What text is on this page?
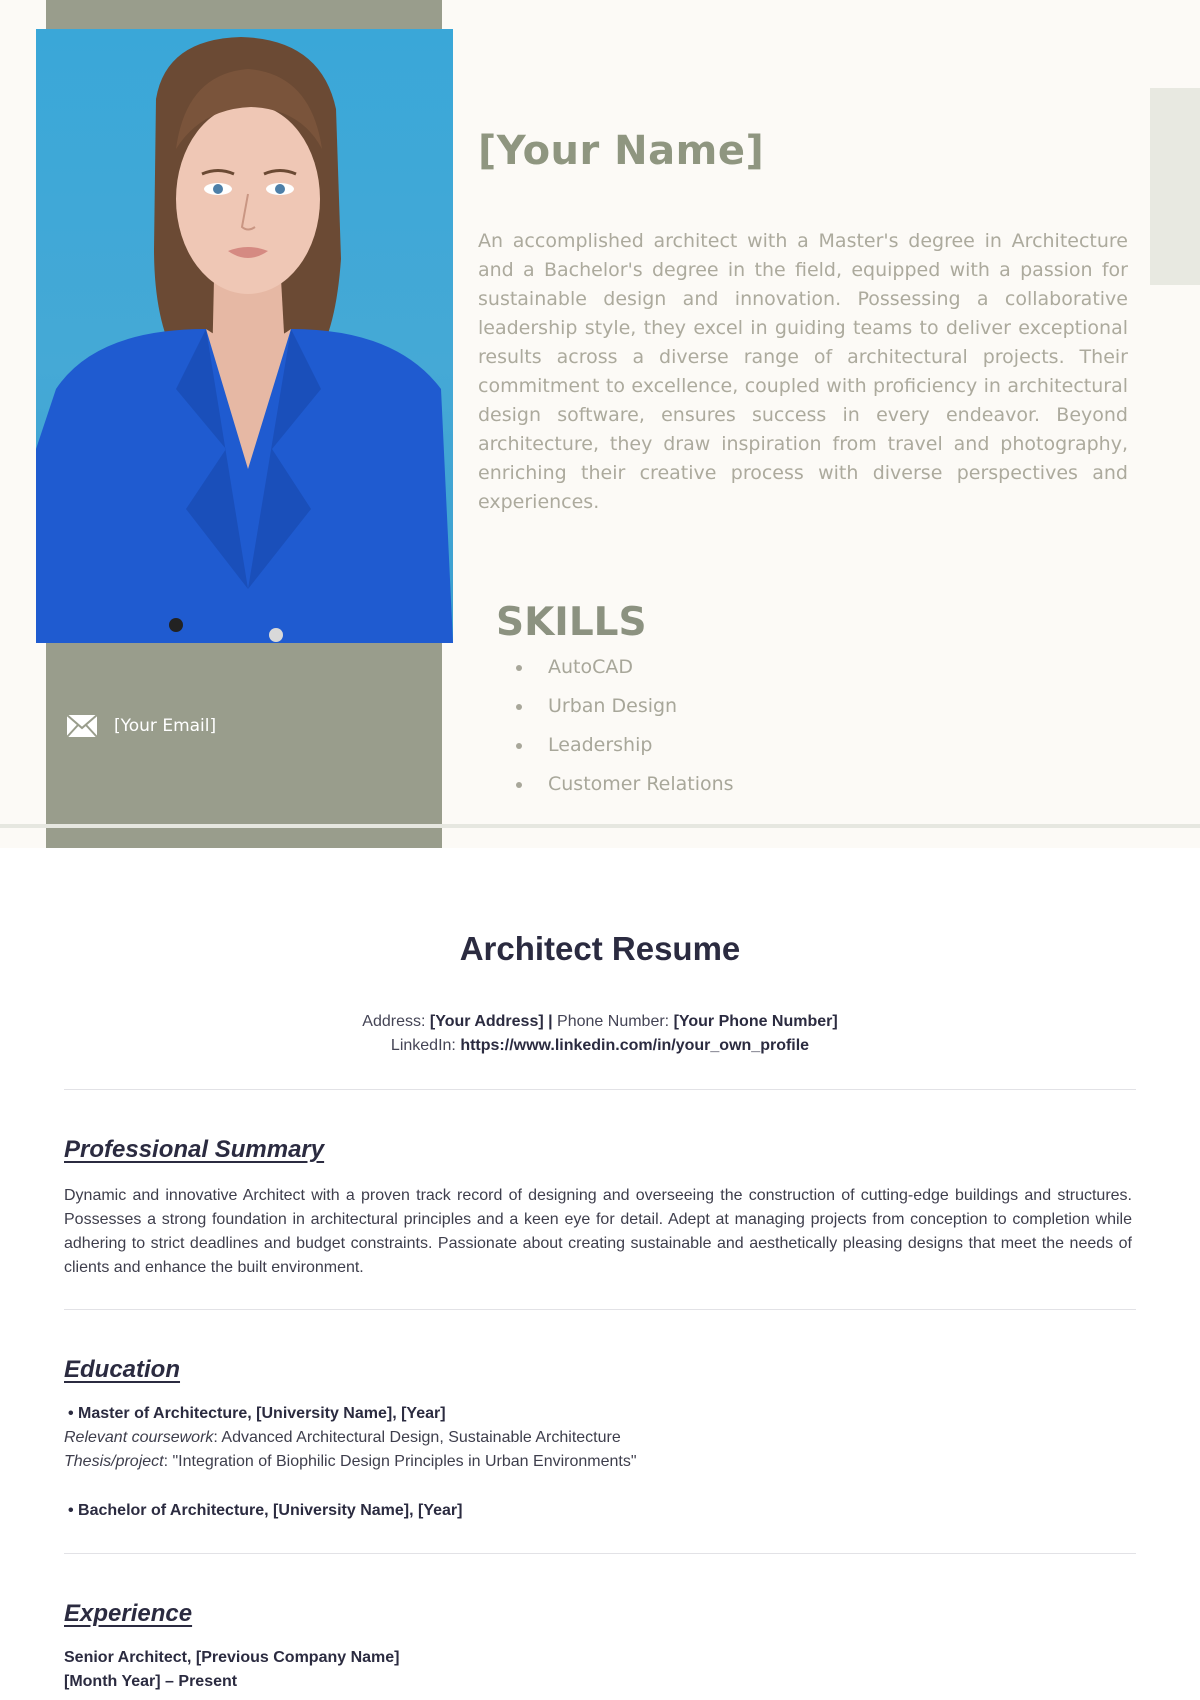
[Your Name]

An accomplished architect with a Master's degree in Architecture and a Bachelor's degree in the field, equipped with a passion for sustainable design and innovation. Possessing a collaborative leadership style, they excel in guiding teams to deliver exceptional results across a diverse range of architectural projects. Their commitment to excellence, coupled with proficiency in architectural design software, ensures success in every endeavor. Beyond architecture, they draw inspiration from travel and photography, enriching their creative process with diverse perspectives and experiences.

SKILLS
AutoCAD
Urban Design
Leadership
Customer Relations
[Your Email]
Architect Resume
Address: [Your Address] | Phone Number: [Your Phone Number]
LinkedIn: https://www.linkedin.com/in/your_own_profile
Professional Summary

Dynamic and innovative Architect with a proven track record of designing and overseeing the construction of cutting-edge buildings and structures. Possesses a strong foundation in architectural principles and a keen eye for detail. Adept at managing projects from conception to completion while adhering to strict deadlines and budget constraints. Passionate about creating sustainable and aesthetically pleasing designs that meet the needs of clients and enhance the built environment.

Education
• Master of Architecture, [University Name], [Year]
Relevant coursework: Advanced Architectural Design, Sustainable Architecture
Thesis/project: "Integration of Biophilic Design Principles in Urban Environments"
• Bachelor of Architecture, [University Name], [Year]
Experience
Senior Architect, [Previous Company Name]
[Month Year] – Present
